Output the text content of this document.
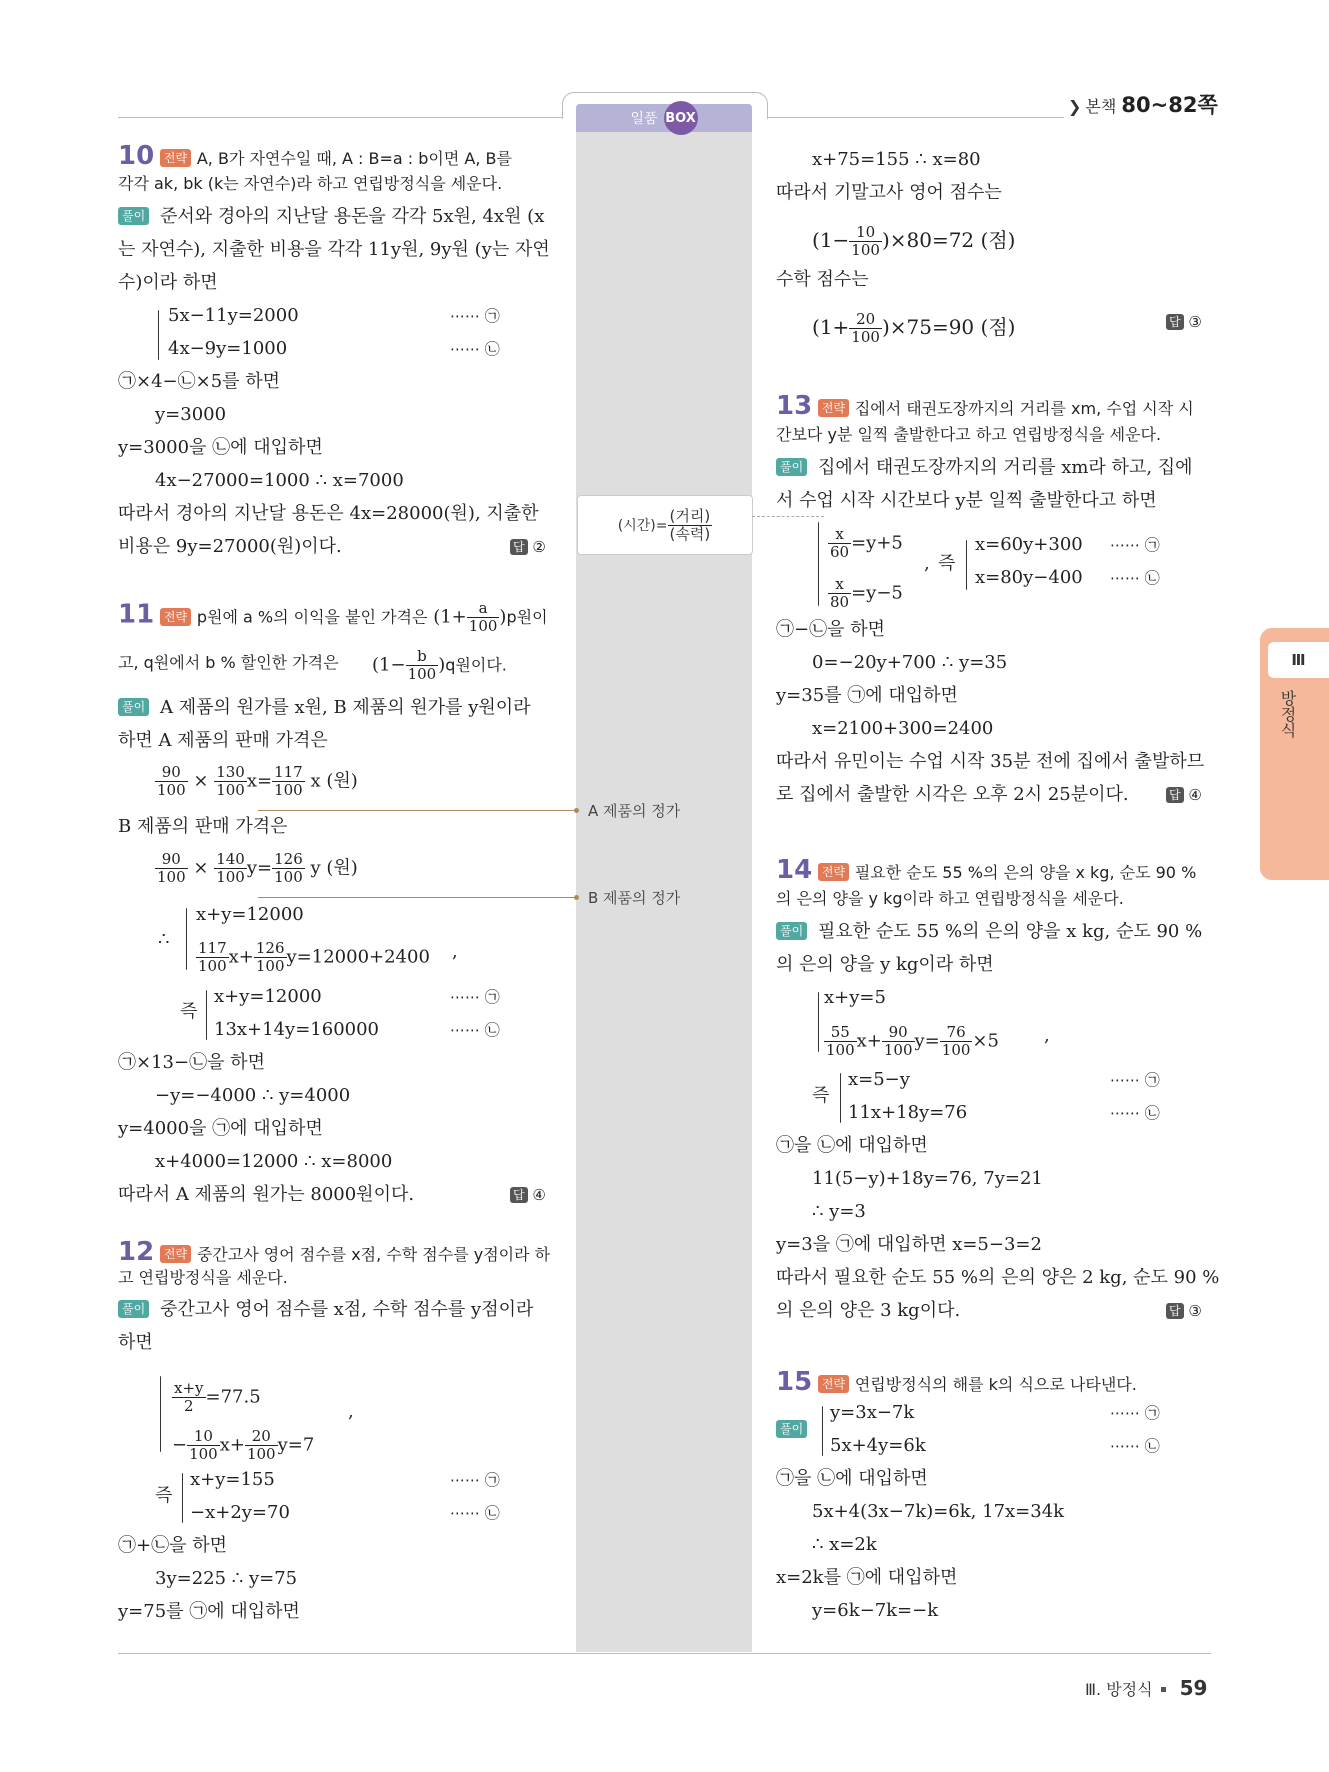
일품 BOX
❯ 본책 80~82쪽
Ⅲ
방정식
(시간)= $\frac{\text{(거리)}}{\text{(속력)}}$
A 제품의 정가
B 제품의 정가
10 전략 A, B가 자연수일 때, A : B=a : b이면 A, B를
풀이
답 ②
11 전략 p원에 a %의 이익을 붙인 가격은 $(1+ \frac{a}{100} )p$원이
$(1- \frac{b}{100} )q$원이다.
풀이
답 ④
12 전략 중간고사 영어 점수를 x점, 수학 점수를 y점이라 하
풀이
답 ③
13 전략 집에서 태권도장까지의 거리를 xm, 수업 시작 시
풀이
답 ④
14 전략 필요한 순도 55 %의 은의 양을 x kg, 순도 90 %
풀이
답 ③
15 전략 연립방정식의 해를 k의 식으로 나타낸다.
풀이
⋯⋯ ㉠
⋯⋯ ㉡
⋯⋯ ㉠
⋯⋯ ㉡
⋯⋯ ㉠
⋯⋯ ㉡
⋯⋯ ㉠
⋯⋯ ㉡
⋯⋯ ㉠
⋯⋯ ㉡
⋯⋯ ㉠
⋯⋯ ㉡
∴
즉
즉
즉
즉
,
,
,
,
$\frac{90}{100} \times \frac{130}{100} x= \frac{117}{100}$ x (원)
$\frac{90}{100} \times \frac{140}{100} y= \frac{126}{100}$ y (원)
$\frac{117}{100} x+ \frac{126}{100} y=12000+2400$
$\frac{x+y}{2} =77.5$
− $\frac{10}{100} x+ \frac{20}{100} y=7$
$(1- \frac{10}{100} )\times 80=72$ (점)
$(1+ \frac{20}{100} )\times 75=90$ (점)
$\frac{x}{60} =y+5$
$\frac{x}{80} =y-5$
$\frac{55}{100} x+ \frac{90}{100} y= \frac{76}{100} \times 5$
각각 ak, bk (k는 자연수)라 하고 연립방정식을 세운다.
준서와 경아의 지난달 용돈을 각각 5x원, 4x원 (x
는 자연수), 지출한 비용을 각각 11y원, 9y원 (y는 자연
수)이라 하면
5x−11y=2000
4x−9y=1000
㉠×4−㉡×5를 하면
y=3000
y=3000을 ㉡에 대입하면
4x−27000=1000 ∴ x=7000
따라서 경아의 지난달 용돈은 4x=28000(원), 지출한
비용은 9y=27000(원)이다.
고, q원에서 b % 할인한 가격은
A 제품의 원가를 x원, B 제품의 원가를 y원이라
하면 A 제품의 판매 가격은
B 제품의 판매 가격은
x+y=12000
x+y=12000
13x+14y=160000
㉠×13−㉡을 하면
−y=−4000 ∴ y=4000
y=4000을 ㉠에 대입하면
x+4000=12000 ∴ x=8000
따라서 A 제품의 원가는 8000원이다.
고 연립방정식을 세운다.
중간고사 영어 점수를 x점, 수학 점수를 y점이라
하면
x+y=155
−x+2y=70
㉠+㉡을 하면
3y=225 ∴ y=75
y=75를 ㉠에 대입하면
x+75=155 ∴ x=80
따라서 기말고사 영어 점수는
수학 점수는
간보다 y분 일찍 출발한다고 하고 연립방정식을 세운다.
집에서 태권도장까지의 거리를 xm라 하고, 집에
서 수업 시작 시간보다 y분 일찍 출발한다고 하면
x=60y+300
x=80y−400
㉠−㉡을 하면
0=−20y+700 ∴ y=35
y=35를 ㉠에 대입하면
x=2100+300=2400
따라서 유민이는 수업 시작 35분 전에 집에서 출발하므
로 집에서 출발한 시각은 오후 2시 25분이다.
의 은의 양을 y kg이라 하고 연립방정식을 세운다.
필요한 순도 55 %의 은의 양을 x kg, 순도 90 %
의 은의 양을 y kg이라 하면
x+y=5
x=5−y
11x+18y=76
㉠을 ㉡에 대입하면
11(5−y)+18y=76, 7y=21
∴ y=3
y=3을 ㉠에 대입하면 x=5−3=2
따라서 필요한 순도 55 %의 은의 양은 2 kg, 순도 90 %
의 은의 양은 3 kg이다.
y=3x−7k
5x+4y=6k
㉠을 ㉡에 대입하면
5x+4(3x−7k)=6k, 17x=34k
∴ x=2k
x=2k를 ㉠에 대입하면
y=6k−7k=−k
Ⅲ. 방정식 59
